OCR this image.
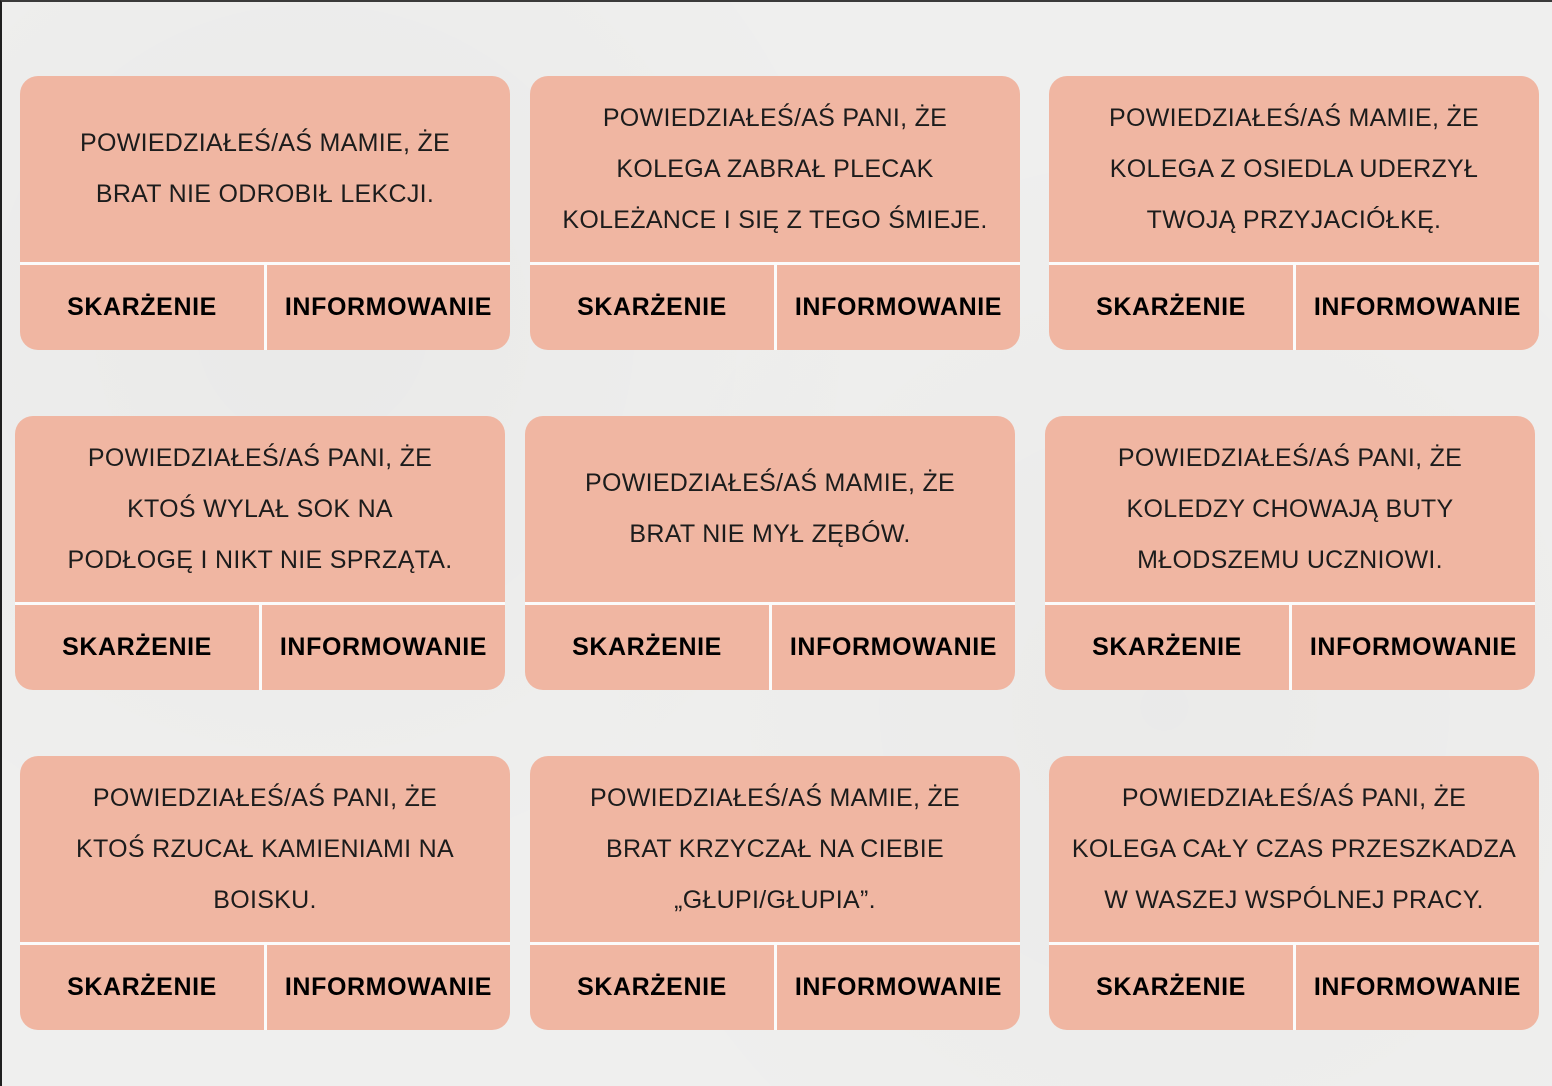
POWIEDZIAŁEŚ/AŚ MAMIE, ŻE
BRAT NIE ODROBIŁ LEKCJI.
SKARŻENIE	INFORMOWANIE
POWIEDZIAŁEŚ/AŚ PANI, ŻE
KOLEGA ZABRAŁ PLECAK
KOLEŻANCE I SIĘ Z TEGO ŚMIEJE.
SKARŻENIE	INFORMOWANIE
POWIEDZIAŁEŚ/AŚ MAMIE, ŻE
KOLEGA Z OSIEDLA UDERZYŁ
TWOJĄ PRZYJACIÓŁKĘ.
SKARŻENIE	INFORMOWANIE
POWIEDZIAŁEŚ/AŚ PANI, ŻE
KTOŚ WYLAŁ SOK NA
PODŁOGĘ I NIKT NIE SPRZĄTA.
SKARŻENIE	INFORMOWANIE
POWIEDZIAŁEŚ/AŚ MAMIE, ŻE
BRAT NIE MYŁ ZĘBÓW.
SKARŻENIE	INFORMOWANIE
POWIEDZIAŁEŚ/AŚ PANI, ŻE
KOLEDZY CHOWAJĄ BUTY
MŁODSZEMU UCZNIOWI.
SKARŻENIE	INFORMOWANIE
POWIEDZIAŁEŚ/AŚ PANI, ŻE
KTOŚ RZUCAŁ KAMIENIAMI NA
BOISKU.
SKARŻENIE	INFORMOWANIE
POWIEDZIAŁEŚ/AŚ MAMIE, ŻE
BRAT KRZYCZAŁ NA CIEBIE
„GŁUPI/GŁUPIA”.
SKARŻENIE	INFORMOWANIE
POWIEDZIAŁEŚ/AŚ PANI, ŻE
KOLEGA CAŁY CZAS PRZESZKADZA
W WASZEJ WSPÓLNEJ PRACY.
SKARŻENIE	INFORMOWANIE
